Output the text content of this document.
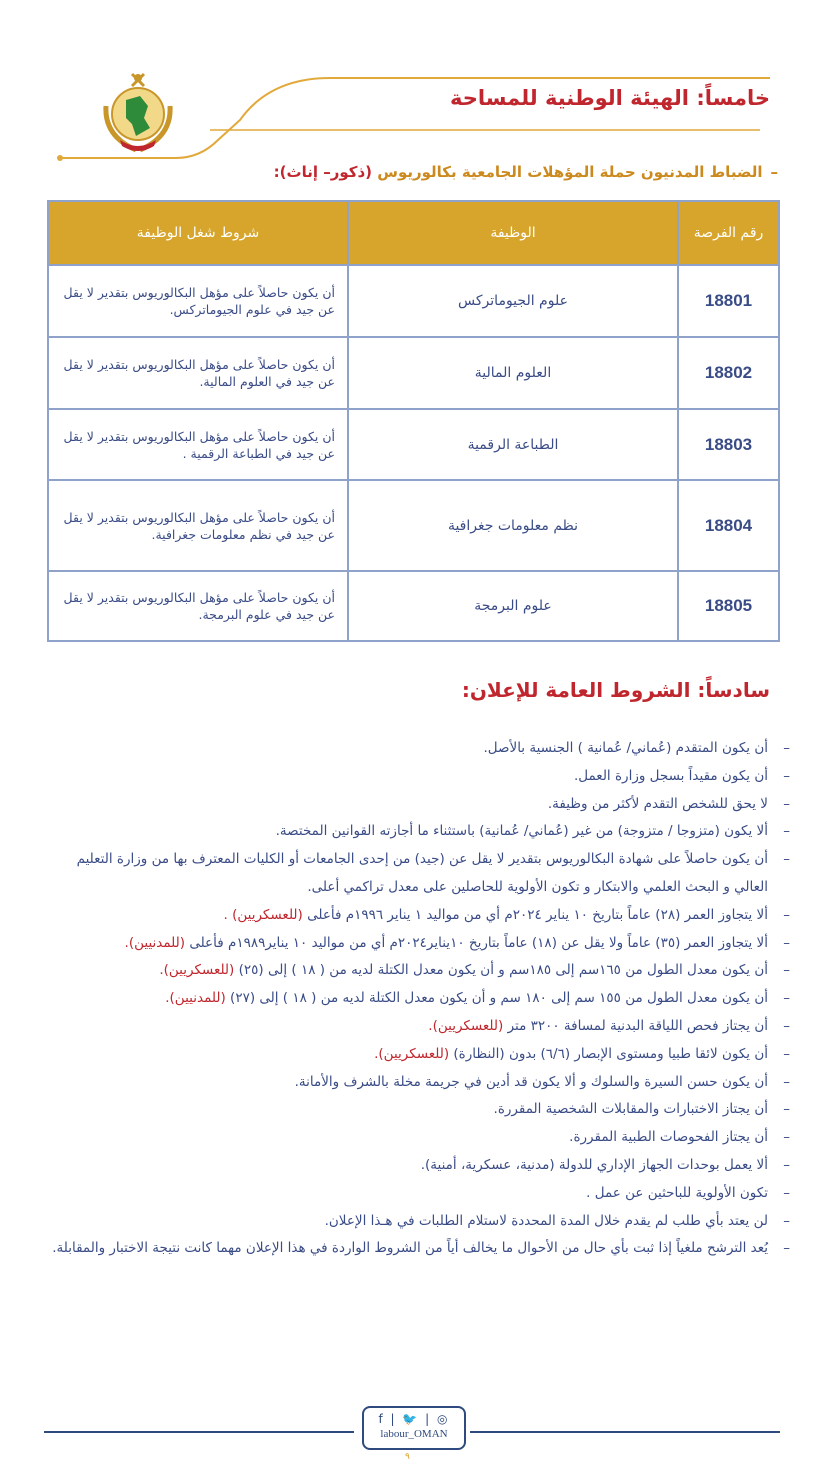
خامساً: الهيئة الوطنية للمساحة
–الضباط المدنيون حملة المؤهلات الجامعية بكالوريوس (ذكور– إناث):
رقم الفرصة	الوظيفة	شروط شغل الوظيفة
18801	علوم الجيوماتركس	أن يكون حاصلاً على مؤهل البكالوريوس بتقدير لا يقل عن جيد في علوم الجيوماتركس.
18802	العلوم المالية	أن يكون حاصلاً على مؤهل البكالوريوس بتقدير لا يقل عن جيد في العلوم المالية.
18803	الطباعة الرقمية	أن يكون حاصلاً على مؤهل البكالوريوس بتقدير لا يقل عن جيد في الطباعة الرقمية .
18804	نظم معلومات جغرافية	أن يكون حاصلاً على مؤهل البكالوريوس بتقدير لا يقل عن جيد في نظم معلومات جغرافية.
18805	علوم البرمجة	أن يكون حاصلاً على مؤهل البكالوريوس بتقدير لا يقل عن جيد في علوم البرمجة.
سادساً: الشروط العامة للإعلان:
– أن يكون المتقدم (عُماني/ عُمانية ) الجنسية بالأصل.
– أن يكون مقيداً بسجل وزارة العمل.
– لا يحق للشخص التقدم لأكثر من وظيفة.
– ألا يكون (متزوجا / متزوجة) من غير (عُماني/ عُمانية) باستثناء ما أجازته القوانين المختصة.
– أن يكون حاصلاً على شهادة البكالوريوس بتقدير لا يقل عن (جيد) من إحدى الجامعات أو الكليات المعترف بها من وزارة التعليم العالي و البحث العلمي والابتكار و تكون الأولوية للحاصلين على معدل تراكمي أعلى.
– ألا يتجاوز العمر (٢٨) عاماً بتاريخ ١٠ يناير ٢٠٢٤م أي من مواليد ١ يناير ١٩٩٦م فأعلى (للعسكريين) .
– ألا يتجاوز العمر (٣٥) عاماً ولا يقل عن (١٨) عاماً بتاريخ ١٠يناير٢٠٢٤م أي من مواليد ١٠ يناير١٩٨٩م فأعلى (للمدنيين).
– أن يكون معدل الطول من ١٦٥سم إلى ١٨٥سم و أن يكون معدل الكتلة لديه من ( ١٨ ) إلى (٢٥) (للعسكريين).
– أن يكون معدل الطول من ١٥٥ سم إلى ١٨٠ سم و أن يكون معدل الكتلة لديه من ( ١٨ ) إلى (٢٧) (للمدنيين).
– أن يجتاز فحص اللياقة البدنية لمسافة ٣٢٠٠ متر (للعسكريين).
– أن يكون لائقا طبيا ومستوى الإبصار (٦/٦) بدون (النظارة) (للعسكريين).
– أن يكون حسن السيرة والسلوك و ألا يكون قد أدين في جريمة مخلة بالشرف والأمانة.
– أن يجتاز الاختبارات والمقابلات الشخصية المقررة.
– أن يجتاز الفحوصات الطبية المقررة.
– ألا يعمل بوحدات الجهاز الإداري للدولة (مدنية، عسكرية، أمنية).
– تكون الأولوية للباحثين عن عمل .
– لن يعتد بأي طلب لم يقدم خلال المدة المحددة لاستلام الطلبات في هـذا الإعلان.
– يُعد الترشح ملغياً إذا ثبت بأي حال من الأحوال ما يخالف أياً من الشروط الواردة في هذا الإعلان مهما كانت نتيجة الاختبار والمقابلة.
f | 🐦 | ◎
labour_OMAN
٩
